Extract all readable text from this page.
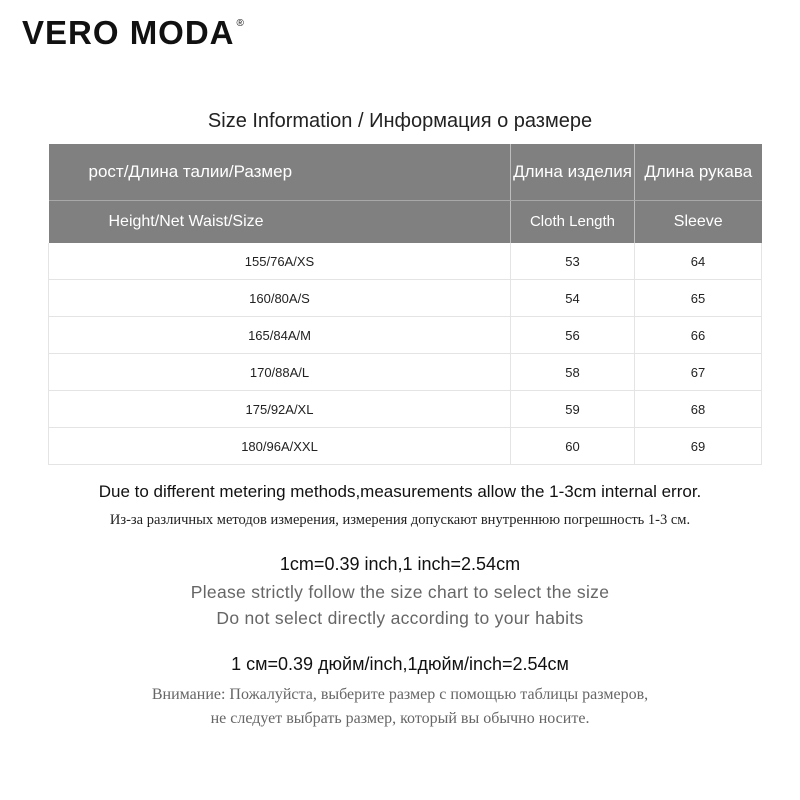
VERO MODA ®
Size Information / Информация о размере
рост/Длина талии/Размер	Длина изделия	Длина рукава
Height/Net Waist/Size	Cloth Length	Sleeve
155/76A/XS	53	64
160/80A/S	54	65
165/84A/M	56	66
170/88A/L	58	67
175/92A/XL	59	68
180/96A/XXL	60	69
Due to different metering methods,measurements allow the 1-3cm internal error.
Из-за различных методов измерения, измерения допускают внутреннюю погрешность 1-3 см.
1cm=0.39 inch,1 inch=2.54cm
Please strictly follow the size chart to select the size
Do not select directly according to your habits
1 см=0.39 дюйм/inch,1дюйм/inch=2.54см
Внимание: Пожалуйста, выберите размер с помощью таблицы размеров,
не следует выбрать размер, который вы обычно носите.
